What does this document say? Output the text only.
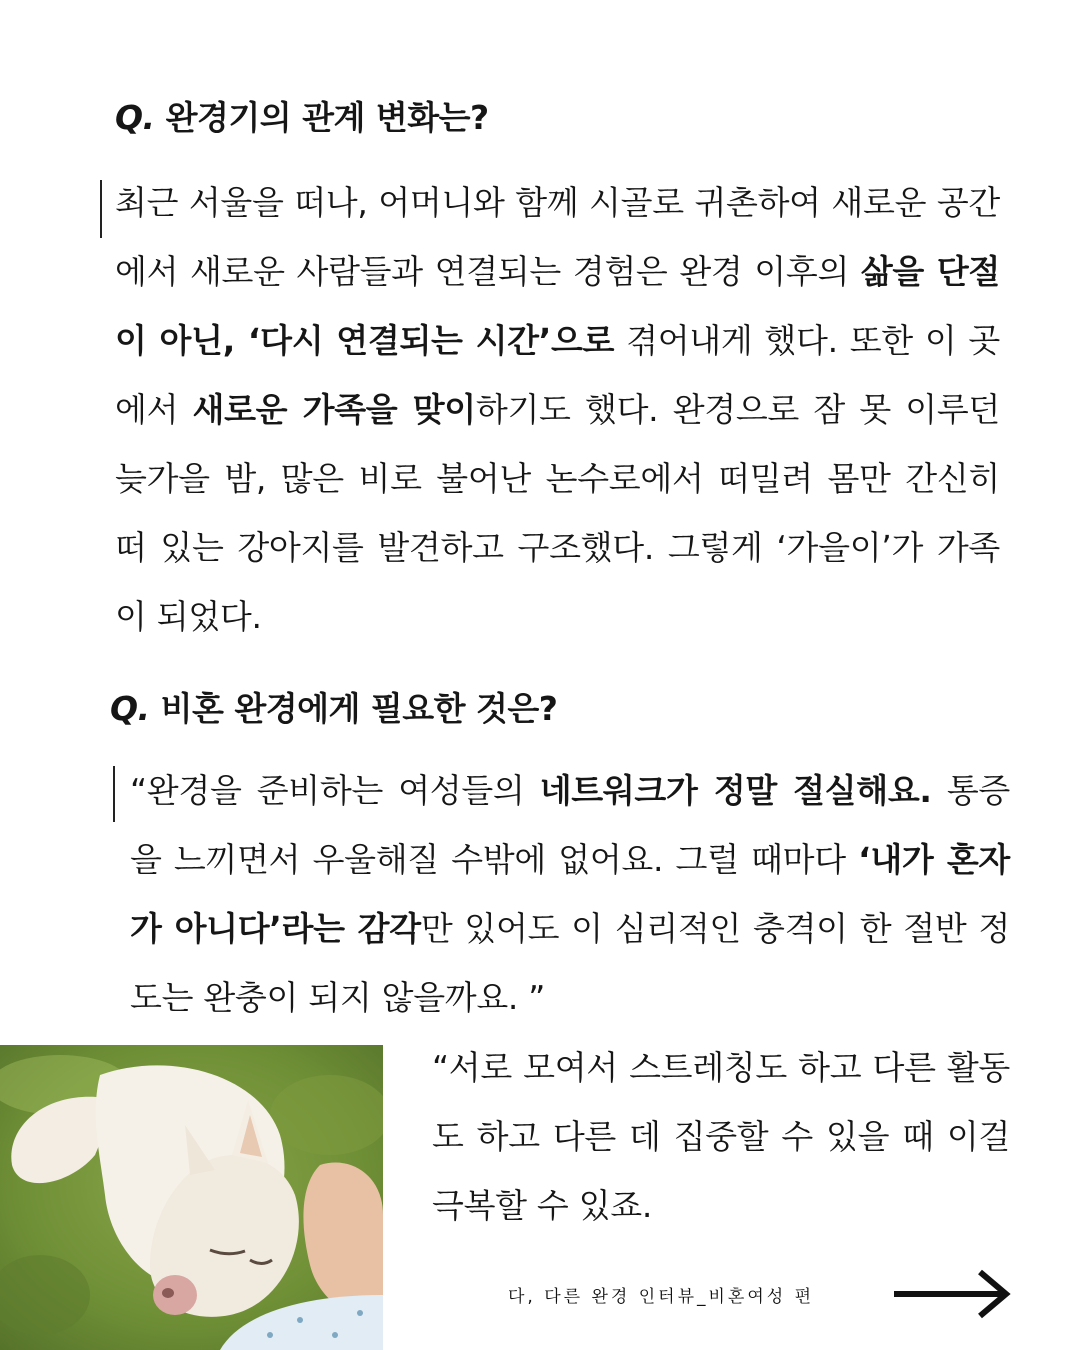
Q. 완경기의 관계 변화는?

최근 서울을 떠나, 어머니와 함께 시골로 귀촌하여 새로운 공간에서 새로운 사람들과 연결되는 경험은 완경 이후의 삶을 단절이 아닌, ‘다시 연결되는 시간’으로 겪어내게 했다. 또한 이 곳에서 새로운 가족을 맞이하기도 했다. 완경으로 잠 못 이루던 늦가을 밤, 많은 비로 불어난 논수로에서 떠밀려 몸만 간신히 떠 있는 강아지를 발견하고 구조했다. 그렇게 ‘가을이’가 가족이 되었다.

Q. 비혼 완경에게 필요한 것은?

“완경을 준비하는 여성들의 네트워크가 정말 절실해요. 통증을 느끼면서 우울해질 수밖에 없어요. 그럴 때마다 ‘내가 혼자가 아니다’라는 감각만 있어도 이 심리적인 충격이 한 절반 정도는 완충이 되지 않을까요. ”

“서로 모여서 스트레칭도 하고 다른 활동도 하고 다른 데 집중할 수 있을 때 이걸 극복할 수 있죠.

다, 다른 완경 인터뷰_비혼여성 편
